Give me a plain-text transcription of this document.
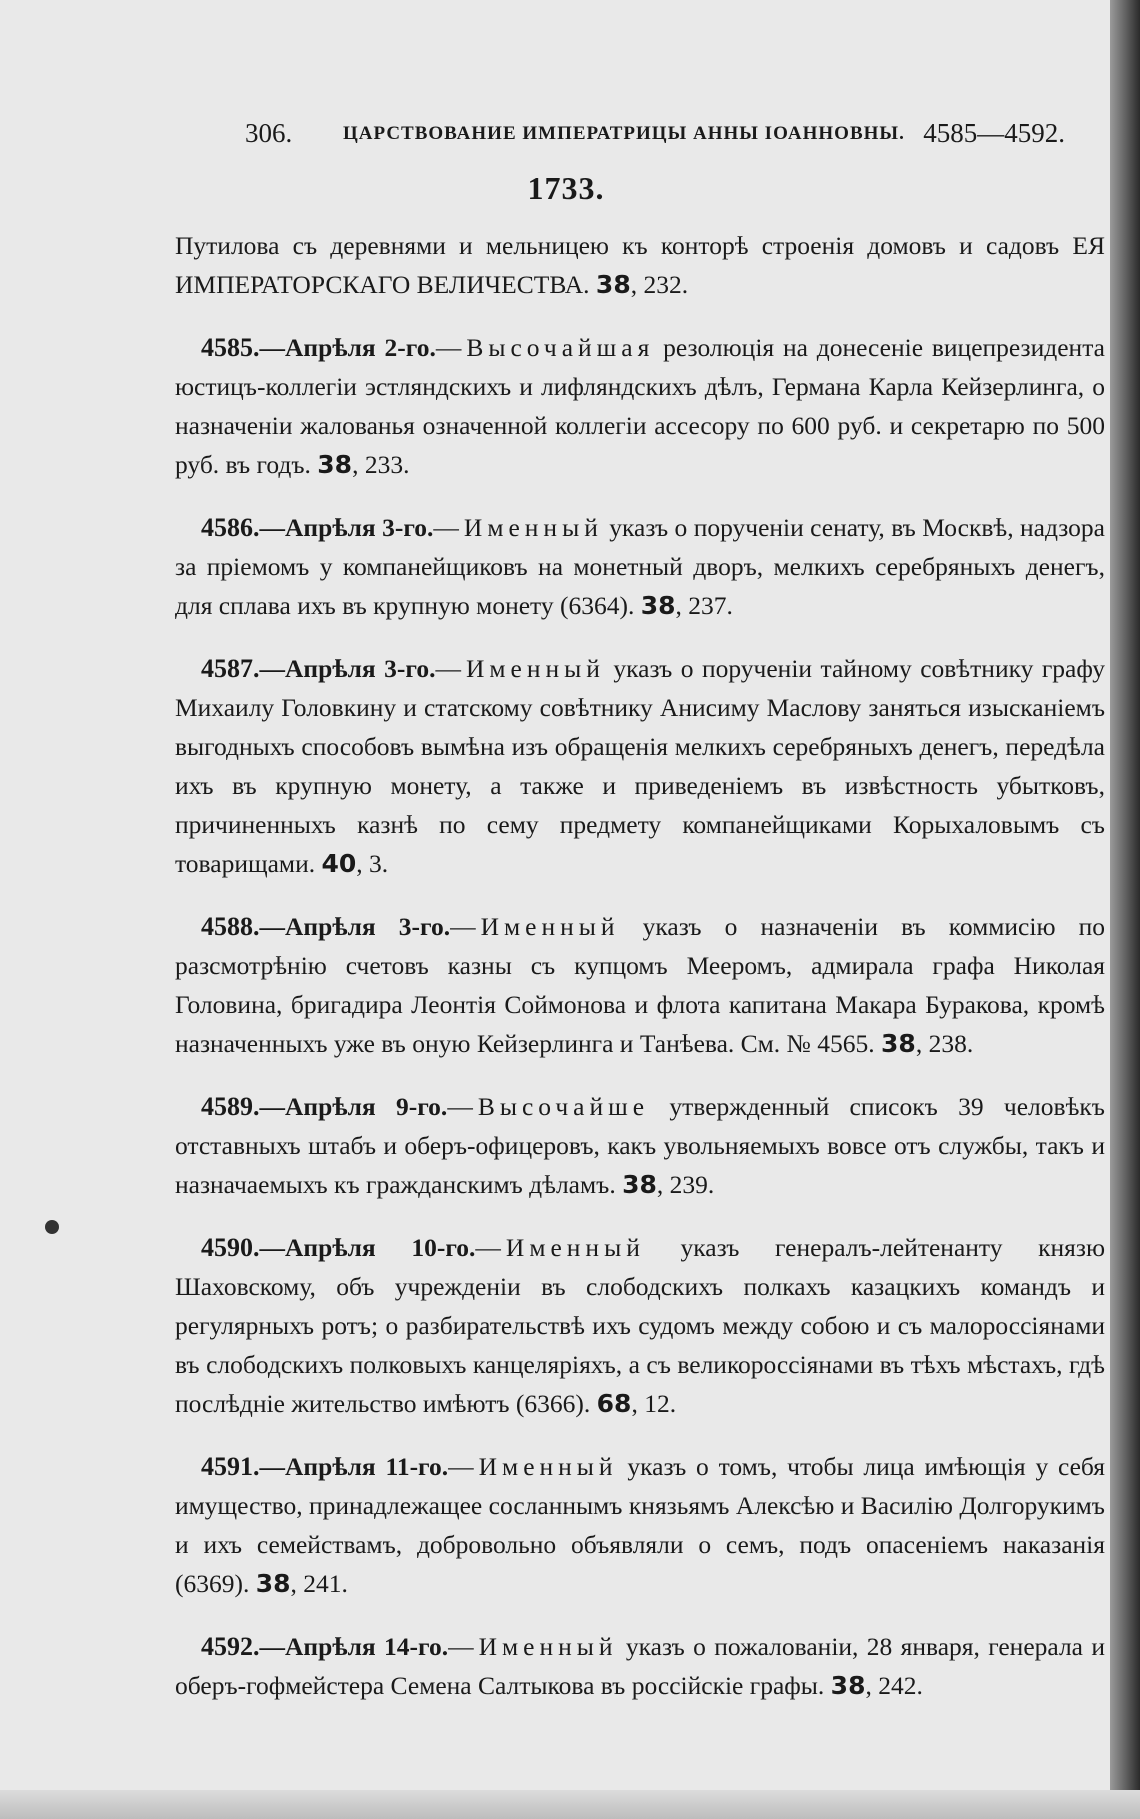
306.	ЦАРСТВОВАНИЕ ИМПЕРАТРИЦЫ АННЫ ІОАННОВНЫ. 4585—4592.
1733.

Путилова съ деревнями и мельницею къ конторѣ строенія домовъ и садовъ ЕЯ ИМПЕРАТОРСКАГО ВЕЛИЧЕСТВА. 38, 232.

4585.—Апрѣля 2-го.—Высочайшая резолюція на донесеніе вицепрезидента юстицъ-коллегіи эстляндскихъ и лифляндскихъ дѣлъ, Германа Карла Кейзерлинга, о назначеніи жалованья означенной коллегіи ассесору по 600 руб. и секретарю по 500 руб. въ годъ. 38, 233.

4586.—Апрѣля 3-го.—Именный указъ о порученіи сенату, въ Москвѣ, надзора за пріемомъ у компанейщиковъ на монетный дворъ, мелкихъ серебряныхъ денегъ, для сплава ихъ въ крупную монету (6364). 38, 237.

4587.—Апрѣля 3-го.—Именный указъ о порученіи тайному совѣтнику графу Михаилу Головкину и статскому совѣтнику Анисиму Маслову заняться изысканіемъ выгодныхъ способовъ вымѣна изъ обращенія мелкихъ серебряныхъ денегъ, передѣла ихъ въ крупную монету, а также и приведеніемъ въ извѣстность убытковъ, причиненныхъ казнѣ по сему предмету компанейщиками Корыхаловымъ съ товарищами. 40, 3.

4588.—Апрѣля 3-го.—Именный указъ о назначеніи въ коммисію по разсмотрѣнію счетовъ казны съ купцомъ Мееромъ, адмирала графа Николая Головина, бригадира Леонтія Соймонова и флота капитана Макара Буракова, кромѣ назначенныхъ уже въ оную Кейзерлинга и Танѣева. См. № 4565. 38, 238.

4589.—Апрѣля 9-го.—Высочайше утвержденный списокъ 39 человѣкъ отставныхъ штабъ и оберъ-офицеровъ, какъ увольняемыхъ вовсе отъ службы, такъ и назначаемыхъ къ гражданскимъ дѣламъ. 38, 239.

4590.—Апрѣля 10-го.—Именный указъ генералъ-лейтенанту князю Шаховскому, объ учрежденіи въ слободскихъ полкахъ казацкихъ командъ и регулярныхъ ротъ; о разбирательствѣ ихъ судомъ между собою и съ малороссіянами въ слободскихъ полковыхъ канцеляріяхъ, а съ великороссіянами въ тѣхъ мѣстахъ, гдѣ послѣдніе жительство имѣютъ (6366). 68, 12.

4591.—Апрѣля 11-го.—Именный указъ о томъ, чтобы лица имѣющія у себя имущество, принадлежащее сосланнымъ князьямъ Алексѣю и Василію Долгорукимъ и ихъ семействамъ, добровольно объявляли о семъ, подъ опасеніемъ наказанія (6369). 38, 241.

4592.—Апрѣля 14-го.—Именный указъ о пожалованіи, 28 января, генерала и оберъ-гофмейстера Семена Салтыкова въ россійскіе графы. 38, 242.
